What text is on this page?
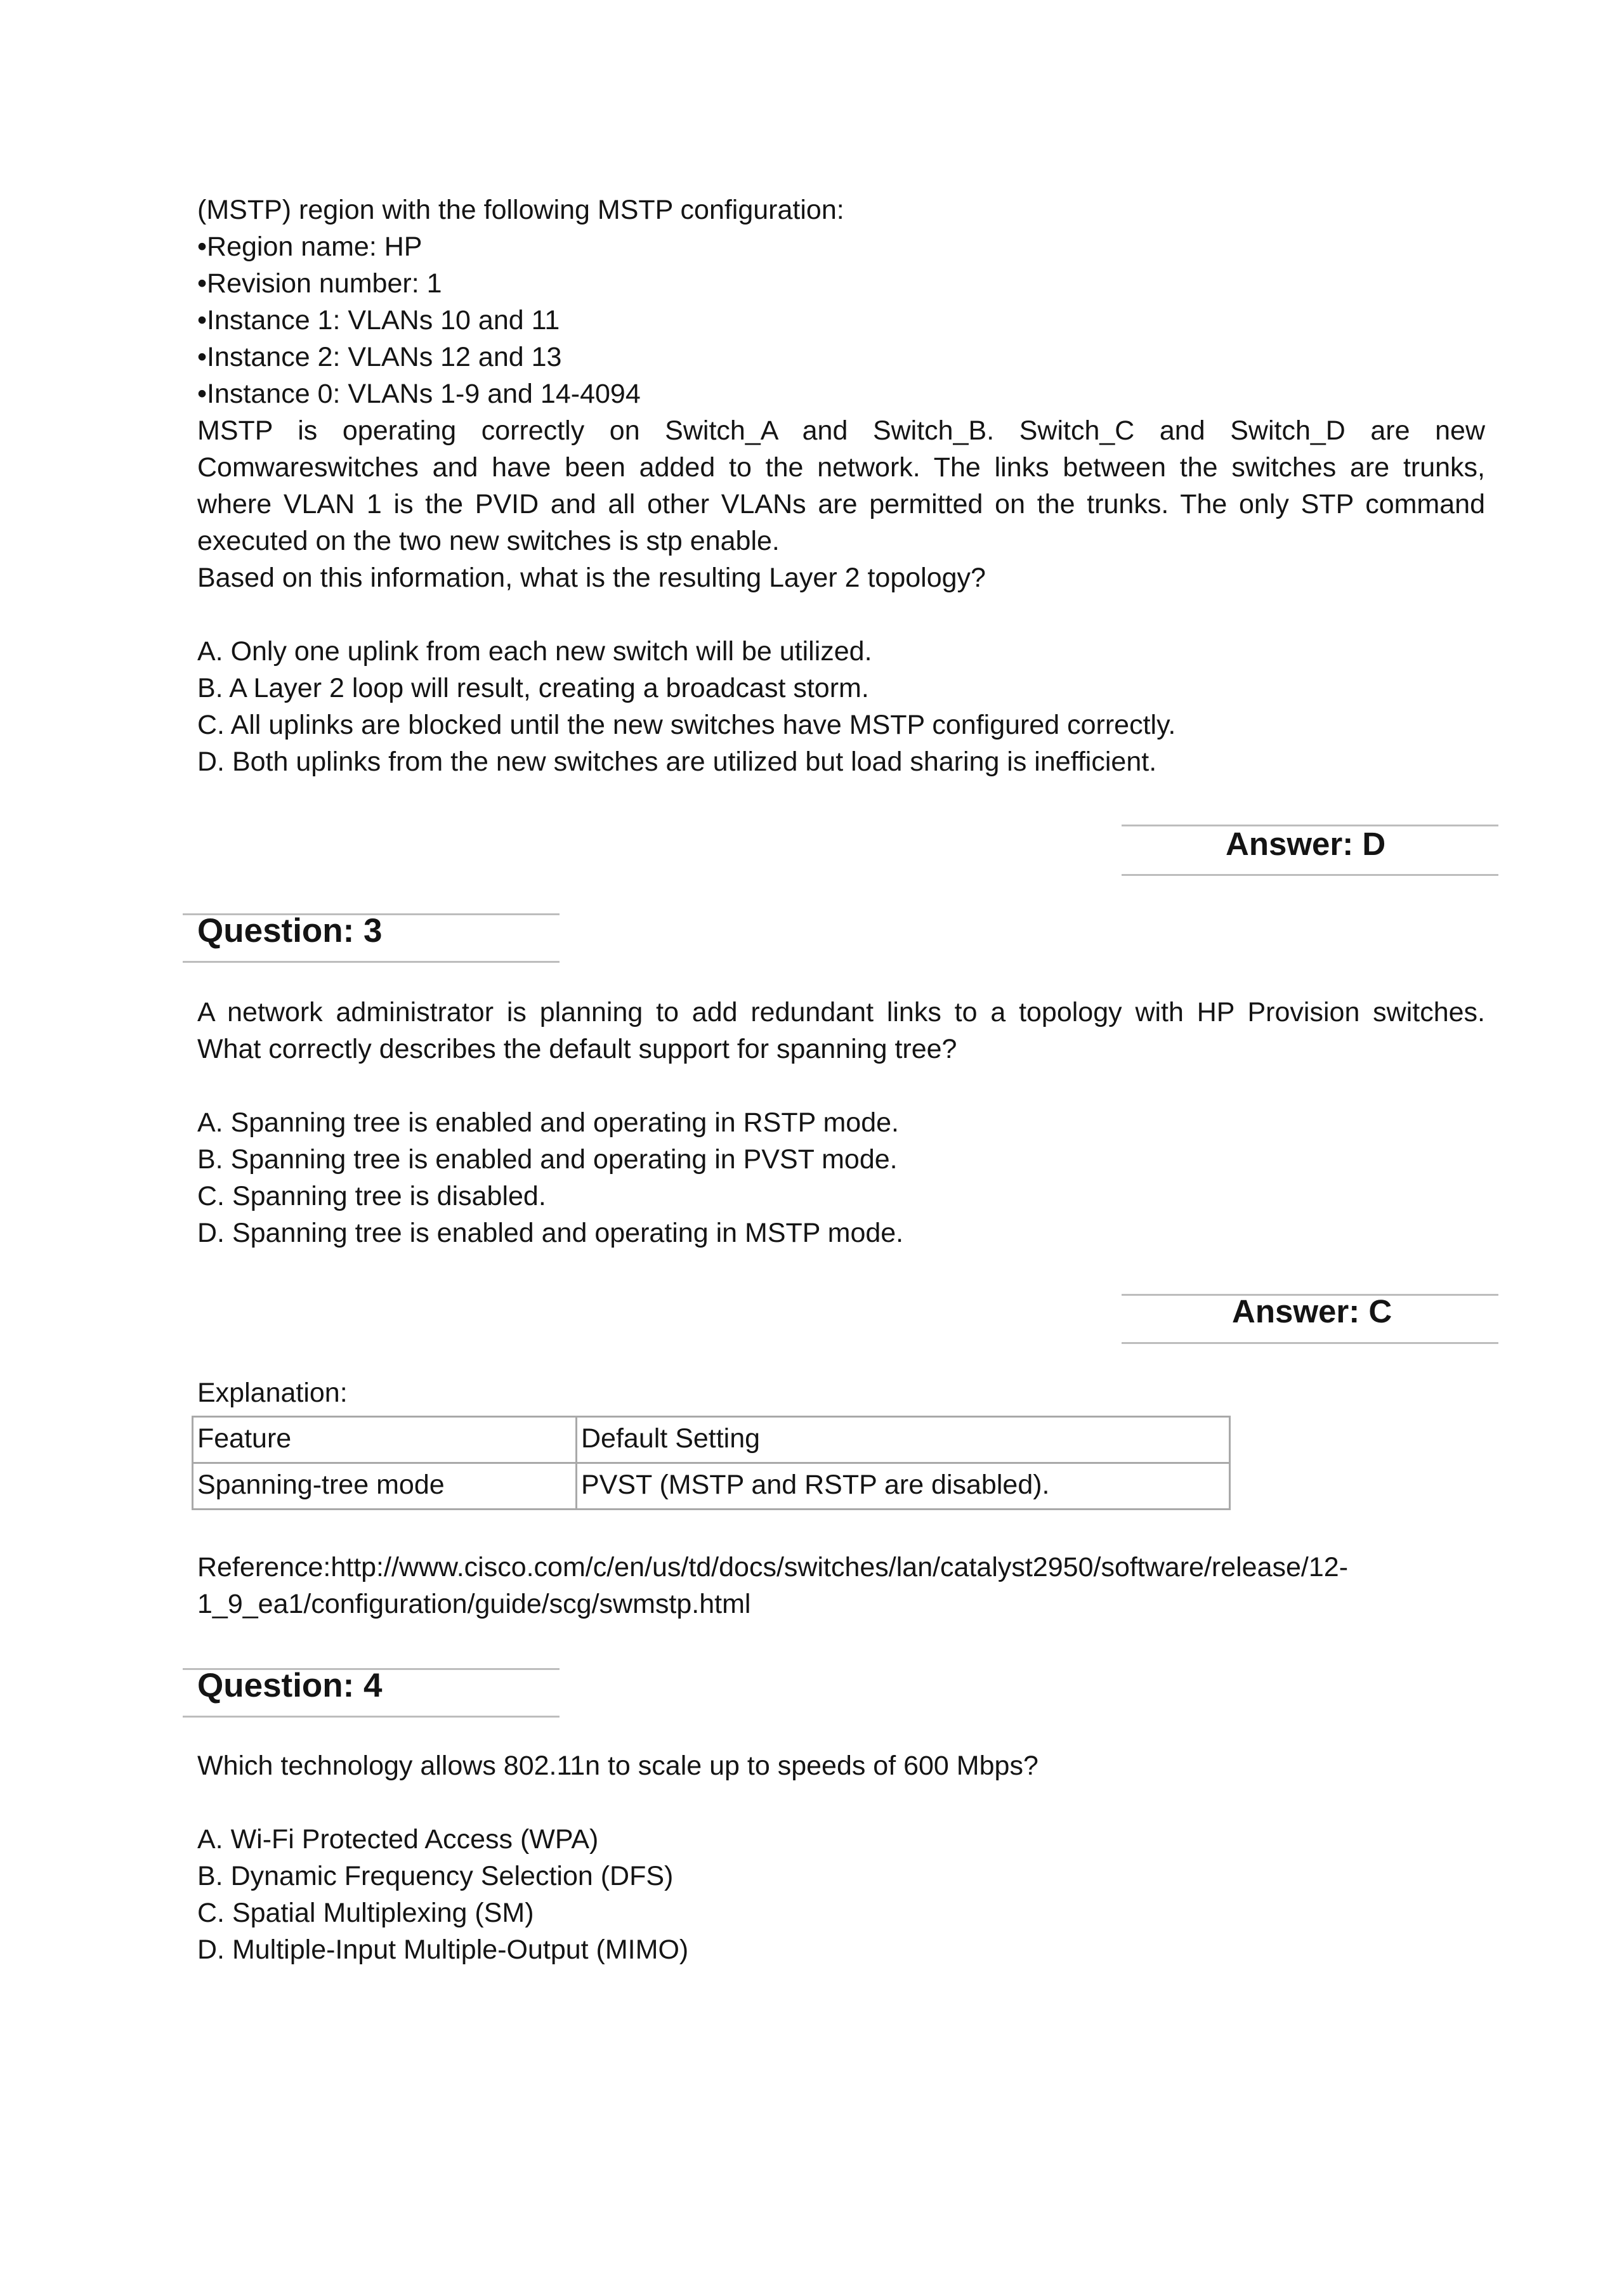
(MSTP) region with the following MSTP configuration:
•Region name: HP
•Revision number: 1
•Instance 1: VLANs 10 and 11
•Instance 2: VLANs 12 and 13
•Instance 0: VLANs 1-9 and 14-4094
MSTP is operating correctly on Switch_A and Switch_B. Switch_C and Switch_D are new
Comwareswitches and have been added to the network. The links between the switches are trunks,
where VLAN 1 is the PVID and all other VLANs are permitted on the trunks. The only STP command
executed on the two new switches is stp enable.
Based on this information, what is the resulting Layer 2 topology?
A. Only one uplink from each new switch will be utilized.
B. A Layer 2 loop will result, creating a broadcast storm.
C. All uplinks are blocked until the new switches have MSTP configured correctly.
D. Both uplinks from the new switches are utilized but load sharing is inefficient.
Answer: D
Question: 3
A network administrator is planning to add redundant links to a topology with HP Provision switches.
What correctly describes the default support for spanning tree?
A. Spanning tree is enabled and operating in RSTP mode.
B. Spanning tree is enabled and operating in PVST mode.
C. Spanning tree is disabled.
D. Spanning tree is enabled and operating in MSTP mode.
Answer: C
Explanation:
Feature	Default Setting
Spanning-tree mode	PVST (MSTP and RSTP are disabled).
Reference:http://www.cisco.com/c/en/us/td/docs/switches/lan/catalyst2950/software/release/12-
1_9_ea1/configuration/guide/scg/swmstp.html
Question: 4
Which technology allows 802.11n to scale up to speeds of 600 Mbps?
A. Wi-Fi Protected Access (WPA)
B. Dynamic Frequency Selection (DFS)
C. Spatial Multiplexing (SM)
D. Multiple-Input Multiple-Output (MIMO)
